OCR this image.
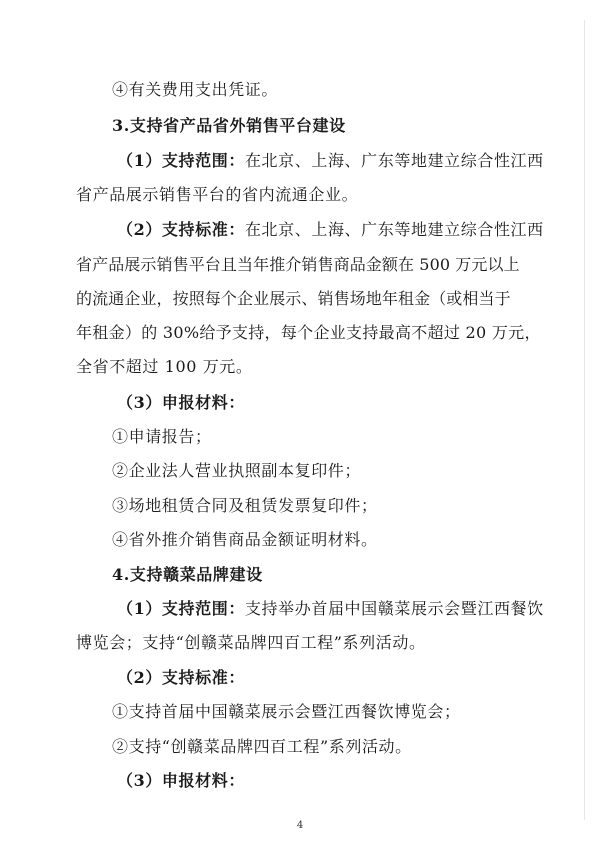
④有关费用支出凭证。
3.支持省产品省外销售平台建设
（1）支持范围：在北京、上海、广东等地建立综合性江西
省产品展示销售平台的省内流通企业。
（2）支持标准：在北京、上海、广东等地建立综合性江西
省产品展示销售平台且当年推介销售商品金额在 500 万元以上
的流通企业，按照每个企业展示、销售场地年租金（或相当于
年租金）的 30%给予支持，每个企业支持最高不超过 20 万元，
全省不超过 100 万元。
（3）申报材料：
①申请报告；
②企业法人营业执照副本复印件；
③场地租赁合同及租赁发票复印件；
④省外推介销售商品金额证明材料。
4.支持赣菜品牌建设
（1）支持范围：支持举办首届中国赣菜展示会暨江西餐饮
博览会；支持“创赣菜品牌四百工程”系列活动。
（2）支持标准：
①支持首届中国赣菜展示会暨江西餐饮博览会；
②支持“创赣菜品牌四百工程”系列活动。
（3）申报材料：
4
